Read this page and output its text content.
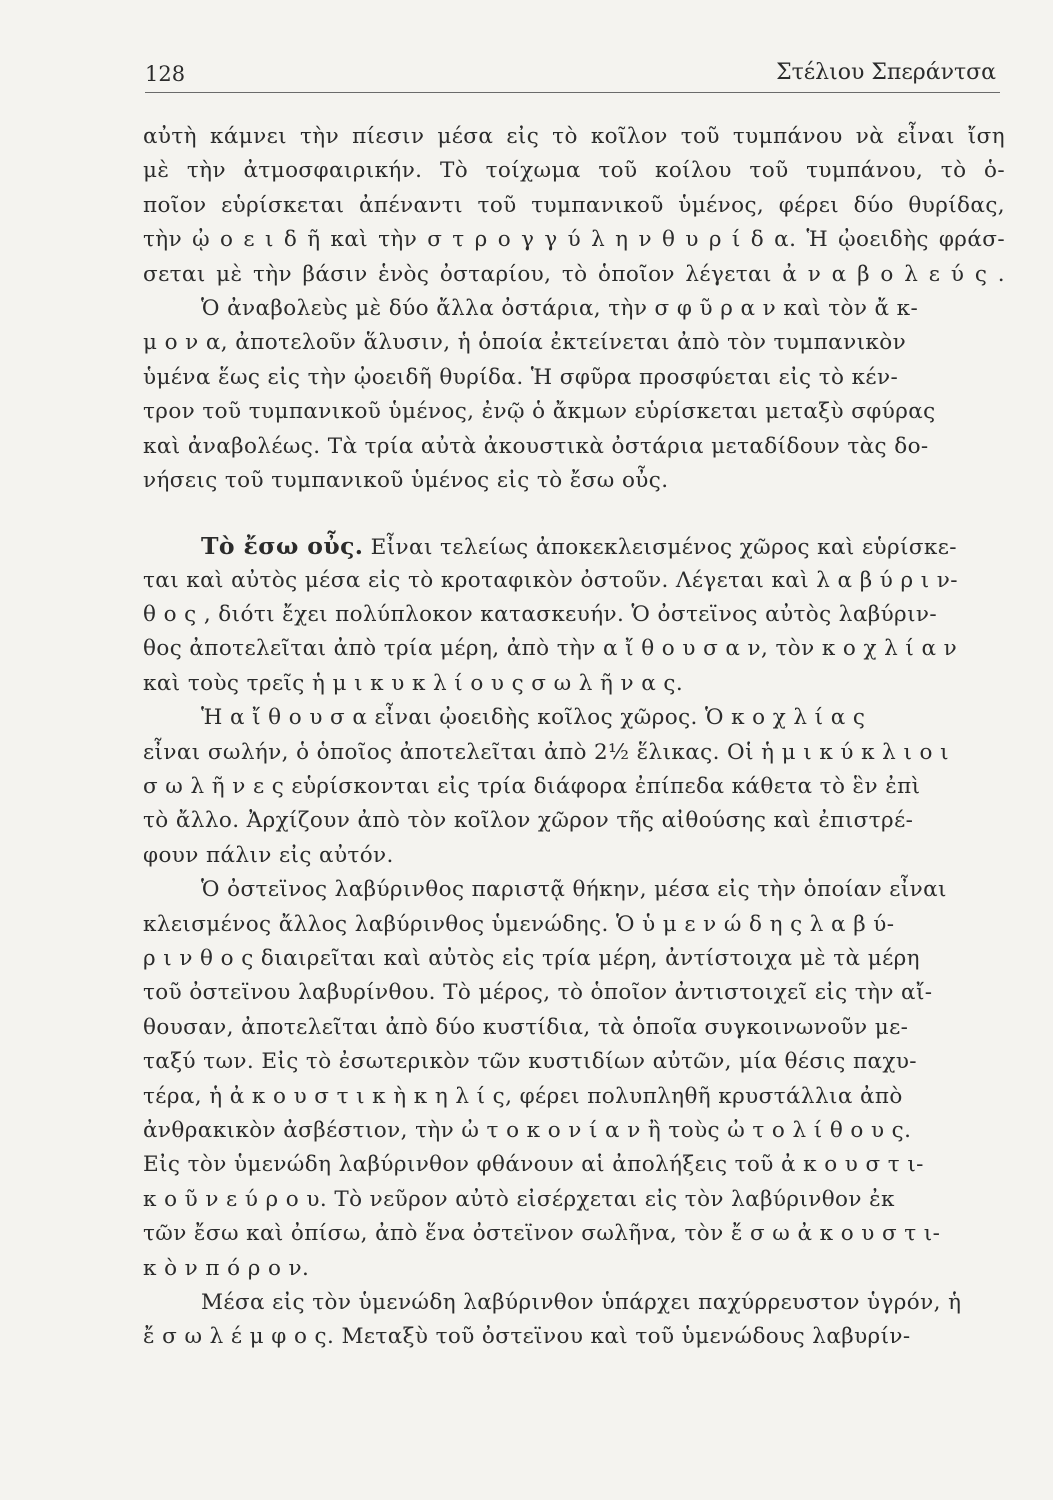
128	Στέλιου Σπεράντσα
αὐτὴ κάμνει τὴν πίεσιν μέσα εἰς τὸ κοῖλον τοῦ τυμπάνου νὰ εἶναι ἴση
μὲ τὴν ἀτμοσφαιρικήν. Τὸ τοίχωμα τοῦ κοίλου τοῦ τυμπάνου, τὸ ὁ-
ποῖον εὑρίσκεται ἀπέναντι τοῦ τυμπανικοῦ ὑμένος, φέρει δύο θυρίδας,
τὴν ᾠ ο ε ι δ ῆ καὶ τὴν σ τ ρ ο γ γ ύ λ η ν θ υ ρ ί δ α. Ἡ ᾠοειδὴς φράσ-
σεται μὲ τὴν βάσιν ἑνὸς ὀσταρίου, τὸ ὁποῖον λέγεται ἀ ν α β ο λ ε ύ ς .
Ὁ ἀναβολεὺς μὲ δύο ἄλλα ὀστάρια, τὴν σ φ ῦ ρ α ν καὶ τὸν ἄ κ-
μ ο ν α, ἀποτελοῦν ἅλυσιν, ἡ ὁποία ἐκτείνεται ἀπὸ τὸν τυμπανικὸν
ὑμένα ἕως εἰς τὴν ᾠοειδῆ θυρίδα. Ἡ σφῦρα προσφύεται εἰς τὸ κέν-
τρον τοῦ τυμπανικοῦ ὑμένος, ἐνῷ ὁ ἄκμων εὑρίσκεται μεταξὺ σφύρας
καὶ ἀναβολέως. Τὰ τρία αὐτὰ ἀκουστικὰ ὀστάρια μεταδίδουν τὰς δο-
νήσεις τοῦ τυμπανικοῦ ὑμένος εἰς τὸ ἔσω οὖς.
Τὸ ἔσω οὖς. Εἶναι τελείως ἀποκεκλεισμένος χῶρος καὶ εὑρίσκε-
ται καὶ αὐτὸς μέσα εἰς τὸ κροταφικὸν ὀστοῦν. Λέγεται καὶ λ α β ύ ρ ι ν-
θ ο ς , διότι ἔχει πολύπλοκον κατασκευήν. Ὁ ὀστεϊνος αὐτὸς λαβύριν-
θος ἀποτελεῖται ἀπὸ τρία μέρη, ἀπὸ τὴν α ἴ θ ο υ σ α ν, τὸν κ ο χ λ ί α ν
καὶ τοὺς τρεῖς ἡ μ ι κ υ κ λ ί ο υ ς σ ω λ ῆ ν α ς.
Ἡ α ἴ θ ο υ σ α εἶναι ᾠοειδὴς κοῖλος χῶρος. Ὁ κ ο χ λ ί α ς
εἶναι σωλήν, ὁ ὁποῖος ἀποτελεῖται ἀπὸ 2½ ἕλικας. Οἱ ἡ μ ι κ ύ κ λ ι ο ι
σ ω λ ῆ ν ε ς εὑρίσκονται εἰς τρία διάφορα ἐπίπεδα κάθετα τὸ ἓν ἐπὶ
τὸ ἄλλο. Ἀρχίζουν ἀπὸ τὸν κοῖλον χῶρον τῆς αἰθούσης καὶ ἐπιστρέ-
φουν πάλιν εἰς αὐτόν.
Ὁ ὀστεϊνος λαβύρινθος παριστᾷ θήκην, μέσα εἰς τὴν ὁποίαν εἶναι
κλεισμένος ἄλλος λαβύρινθος ὑμενώδης. Ὁ ὑ μ ε ν ώ δ η ς λ α β ύ-
ρ ι ν θ ο ς διαιρεῖται καὶ αὐτὸς εἰς τρία μέρη, ἀντίστοιχα μὲ τὰ μέρη
τοῦ ὀστεϊνου λαβυρίνθου. Τὸ μέρος, τὸ ὁποῖον ἀντιστοιχεῖ εἰς τὴν αἴ-
θουσαν, ἀποτελεῖται ἀπὸ δύο κυστίδια, τὰ ὁποῖα συγκοινωνοῦν με-
ταξύ των. Εἰς τὸ ἐσωτερικὸν τῶν κυστιδίων αὐτῶν, μία θέσις παχυ-
τέρα, ἡ ἀ κ ο υ σ τ ι κ ὴ κ η λ ί ς, φέρει πολυπληθῆ κρυστάλλια ἀπὸ
ἀνθρακικὸν ἀσβέστιον, τὴν ὠ τ ο κ ο ν ί α ν ἢ τοὺς ὠ τ ο λ ί θ ο υ ς.
Εἰς τὸν ὑμενώδη λαβύρινθον φθάνουν αἱ ἀπολήξεις τοῦ ἀ κ ο υ σ τ ι-
κ ο ῦ ν ε ύ ρ ο υ. Τὸ νεῦρον αὐτὸ εἰσέρχεται εἰς τὸν λαβύρινθον ἐκ
τῶν ἔσω καὶ ὀπίσω, ἀπὸ ἕνα ὀστεϊνον σωλῆνα, τὸν ἔ σ ω ἀ κ ο υ σ τ ι-
κ ὸ ν π ό ρ ο ν.
Μέσα εἰς τὸν ὑμενώδη λαβύρινθον ὑπάρχει παχύρρευστον ὑγρόν, ἡ
ἔ σ ω λ έ μ φ ο ς. Μεταξὺ τοῦ ὀστεϊνου καὶ τοῦ ὑμενώδους λαβυρίν-
